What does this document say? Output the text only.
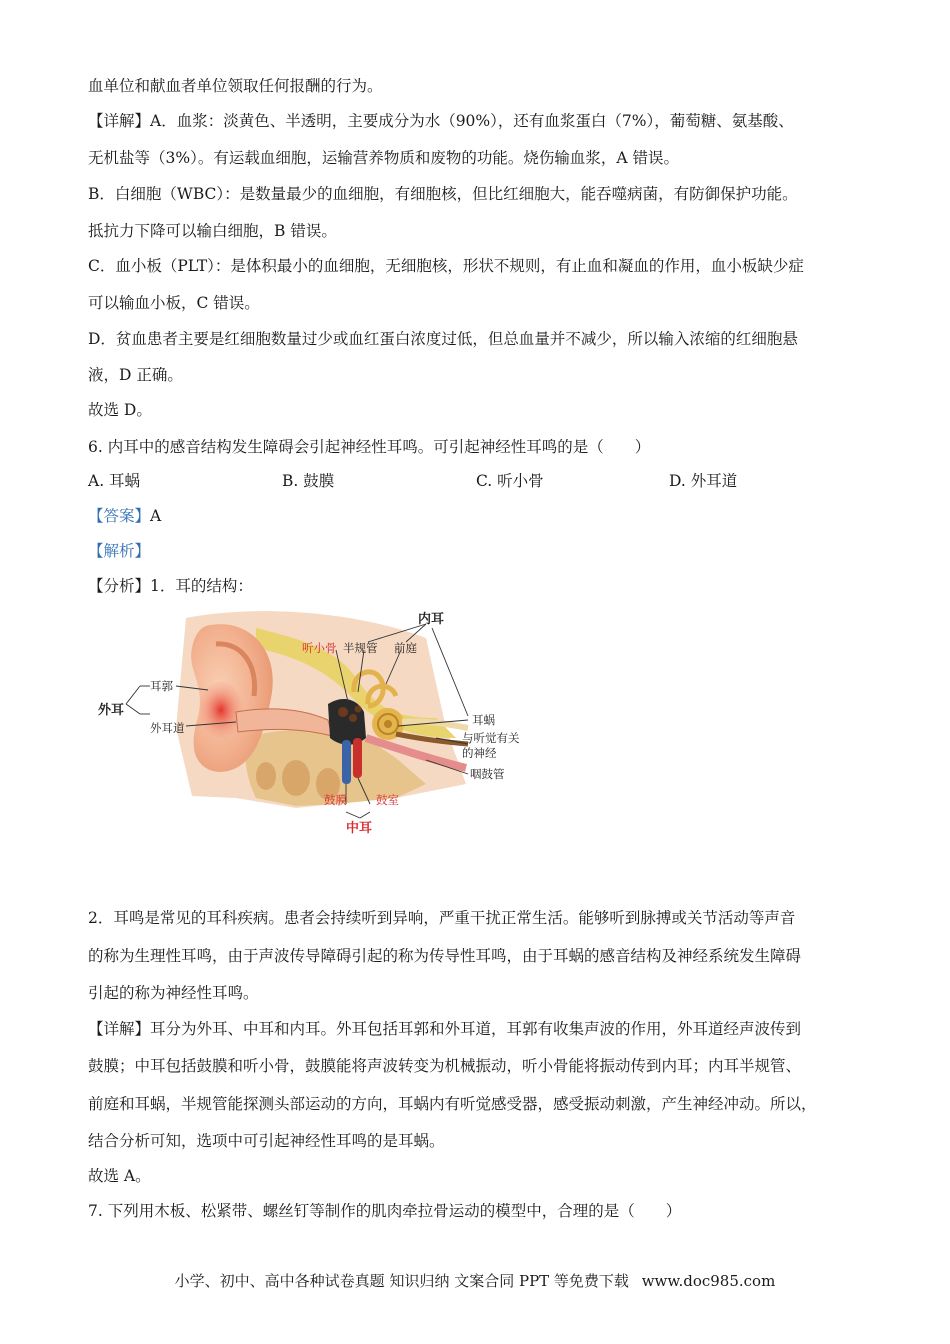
血单位和献血者单位领取任何报酬的行为。
【详解】A．血浆：淡黄色、半透明，主要成分为水（90%），还有血浆蛋白（7%），葡萄糖、氨基酸、
无机盐等（3%）。有运载血细胞，运输营养物质和废物的功能。烧伤输血浆，A 错误。
B．白细胞（WBC）：是数量最少的血细胞，有细胞核，但比红细胞大，能吞噬病菌，有防御保护功能。
抵抗力下降可以输白细胞，B 错误。
C．血小板（PLT）：是体积最小的血细胞，无细胞核，形状不规则，有止血和凝血的作用，血小板缺少症
可以输血小板，C 错误。
D．贫血患者主要是红细胞数量过少或血红蛋白浓度过低，但总血量并不减少，所以输入浓缩的红细胞悬
液，D 正确。
故选 D。
6. 内耳中的感音结构发生障碍会引起神经性耳鸣。可引起神经性耳鸣的是（　　）
A. 耳蜗	B. 鼓膜	C. 听小骨	D. 外耳道
【答案】A
【解析】
【分析】1．耳的结构：
内耳
听小骨 半规管 前庭
耳郭
外耳
外耳道
耳蜗
与听觉有关
的神经
咽鼓管
鼓膜	鼓室
中耳
2．耳鸣是常见的耳科疾病。患者会持续听到异响，严重干扰正常生活。能够听到脉搏或关节活动等声音
的称为生理性耳鸣，由于声波传导障碍引起的称为传导性耳鸣，由于耳蜗的感音结构及神经系统发生障碍
引起的称为神经性耳鸣。
【详解】耳分为外耳、中耳和内耳。外耳包括耳郭和外耳道，耳郭有收集声波的作用，外耳道经声波传到
鼓膜；中耳包括鼓膜和听小骨，鼓膜能将声波转变为机械振动，听小骨能将振动传到内耳；内耳半规管、
前庭和耳蜗，半规管能探测头部运动的方向，耳蜗内有听觉感受器，感受振动刺激，产生神经冲动。所以，
结合分析可知，选项中可引起神经性耳鸣的是耳蜗。
故选 A。
7. 下列用木板、松紧带、螺丝钉等制作的肌肉牵拉骨运动的模型中，合理的是（　　）
小学、初中、高中各种试卷真题 知识归纳 文案合同 PPT 等免费下载 www.doc985.com
